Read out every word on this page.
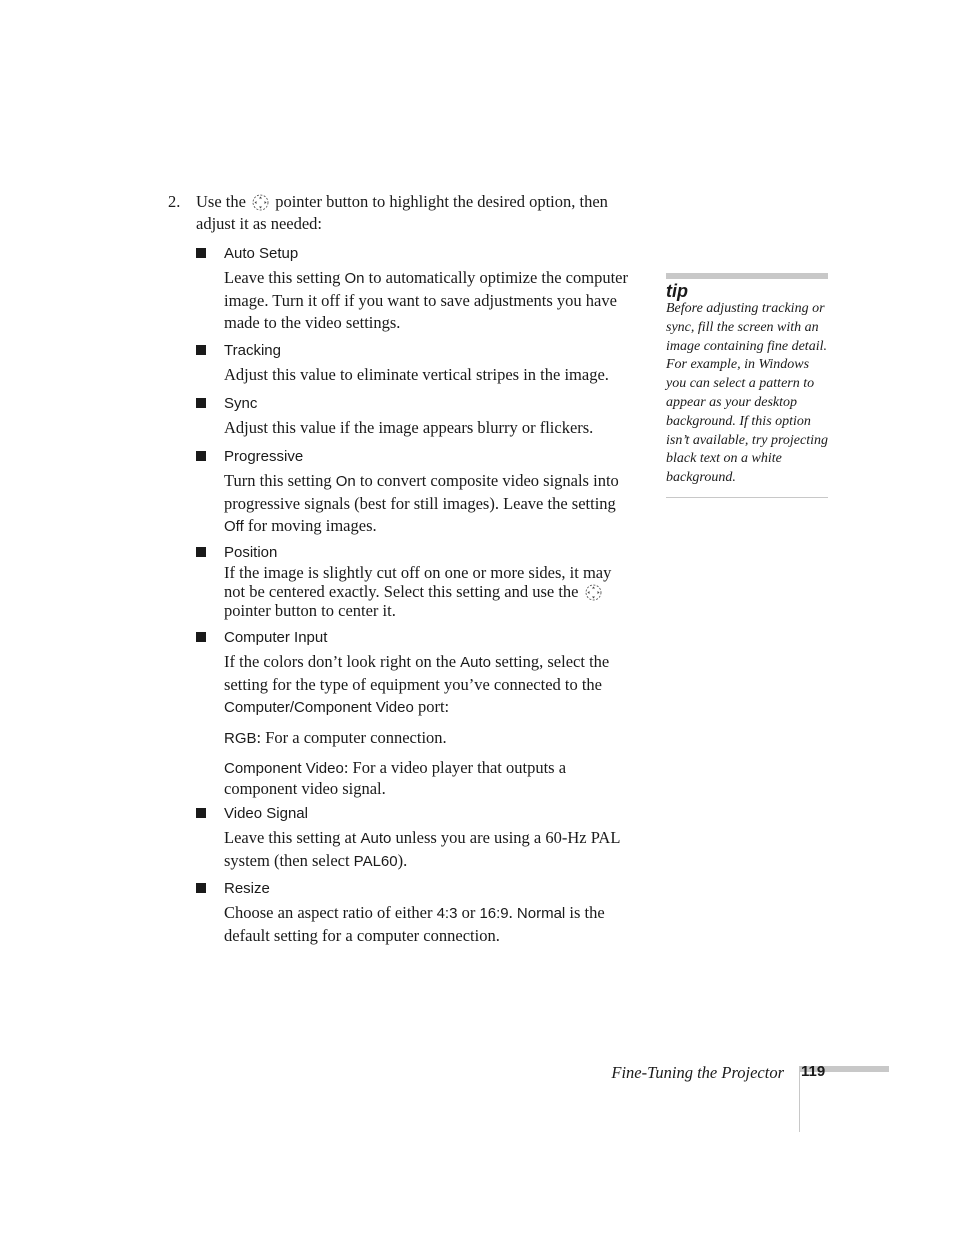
2. Use the pointer button to highlight the desired option, then adjust it as needed:
Auto Setup
Leave this setting On to automatically optimize the computer image. Turn it off if you want to save adjustments you have made to the video settings.
Tracking
Adjust this value to eliminate vertical stripes in the image.
Sync
Adjust this value if the image appears blurry or flickers.
Progressive
Turn this setting On to convert composite video signals into progressive signals (best for still images). Leave the setting Off for moving images.
Position
If the image is slightly cut off on one or more sides, it may not be centered exactly. Select this setting and use the  pointer button to center it.
Computer Input

If the colors don’t look right on the Auto setting, select the setting for the type of equipment you’ve connected to the Computer/Component Video port:

RGB: For a computer connection.

Component Video: For a video player that outputs a component video signal.

Video Signal
Leave this setting at Auto unless you are using a 60-Hz PAL system (then select PAL60).
Resize
Choose an aspect ratio of either 4:3 or 16:9. Normal is the default setting for a computer connection.
tip
Before adjusting tracking or sync, fill the screen with an image containing fine detail. For example, in Windows you can select a pattern to appear as your desktop background. If this option isn’t available, try projecting black text on a white background.
Fine-Tuning the Projector 119
